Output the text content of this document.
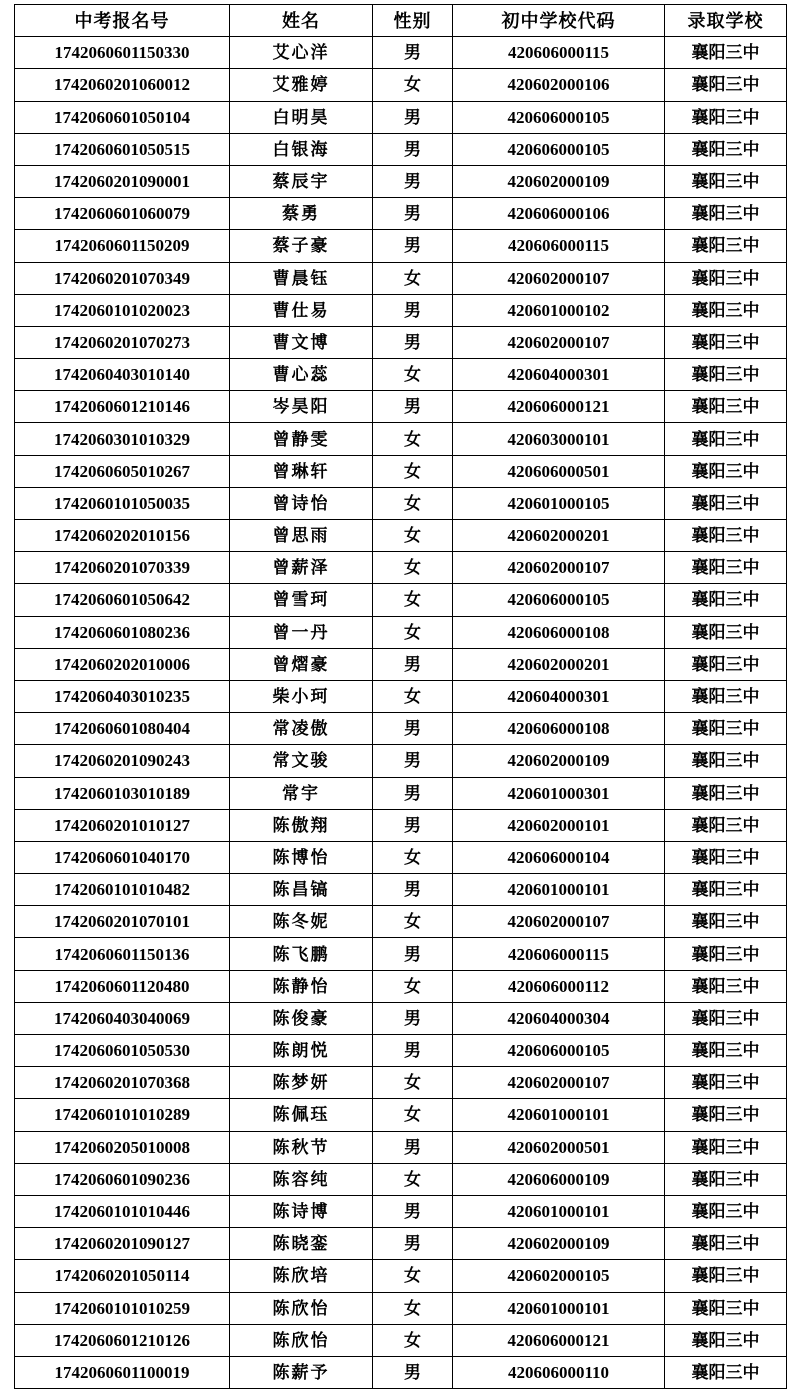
中考报名号	姓名	性别	初中学校代码	录取学校
1742060601150330	艾心洋	男	420606000115	襄阳三中
1742060201060012	艾雅婷	女	420602000106	襄阳三中
1742060601050104	白明昊	男	420606000105	襄阳三中
1742060601050515	白银海	男	420606000105	襄阳三中
1742060201090001	蔡辰宇	男	420602000109	襄阳三中
1742060601060079	蔡勇	男	420606000106	襄阳三中
1742060601150209	蔡子豪	男	420606000115	襄阳三中
1742060201070349	曹晨钰	女	420602000107	襄阳三中
1742060101020023	曹仕易	男	420601000102	襄阳三中
1742060201070273	曹文博	男	420602000107	襄阳三中
1742060403010140	曹心蕊	女	420604000301	襄阳三中
1742060601210146	岑昊阳	男	420606000121	襄阳三中
1742060301010329	曾静雯	女	420603000101	襄阳三中
1742060605010267	曾琳轩	女	420606000501	襄阳三中
1742060101050035	曾诗怡	女	420601000105	襄阳三中
1742060202010156	曾思雨	女	420602000201	襄阳三中
1742060201070339	曾薪泽	女	420602000107	襄阳三中
1742060601050642	曾雪珂	女	420606000105	襄阳三中
1742060601080236	曾一丹	女	420606000108	襄阳三中
1742060202010006	曾熠豪	男	420602000201	襄阳三中
1742060403010235	柴小珂	女	420604000301	襄阳三中
1742060601080404	常凌傲	男	420606000108	襄阳三中
1742060201090243	常文骏	男	420602000109	襄阳三中
1742060103010189	常宇	男	420601000301	襄阳三中
1742060201010127	陈傲翔	男	420602000101	襄阳三中
1742060601040170	陈博怡	女	420606000104	襄阳三中
1742060101010482	陈昌镐	男	420601000101	襄阳三中
1742060201070101	陈冬妮	女	420602000107	襄阳三中
1742060601150136	陈飞鹏	男	420606000115	襄阳三中
1742060601120480	陈静怡	女	420606000112	襄阳三中
1742060403040069	陈俊豪	男	420604000304	襄阳三中
1742060601050530	陈朗悦	男	420606000105	襄阳三中
1742060201070368	陈梦妍	女	420602000107	襄阳三中
1742060101010289	陈佩珏	女	420601000101	襄阳三中
1742060205010008	陈秋节	男	420602000501	襄阳三中
1742060601090236	陈容纯	女	420606000109	襄阳三中
1742060101010446	陈诗博	男	420601000101	襄阳三中
1742060201090127	陈晓銮	男	420602000109	襄阳三中
1742060201050114	陈欣培	女	420602000105	襄阳三中
1742060101010259	陈欣怡	女	420601000101	襄阳三中
1742060601210126	陈欣怡	女	420606000121	襄阳三中
1742060601100019	陈薪予	男	420606000110	襄阳三中
